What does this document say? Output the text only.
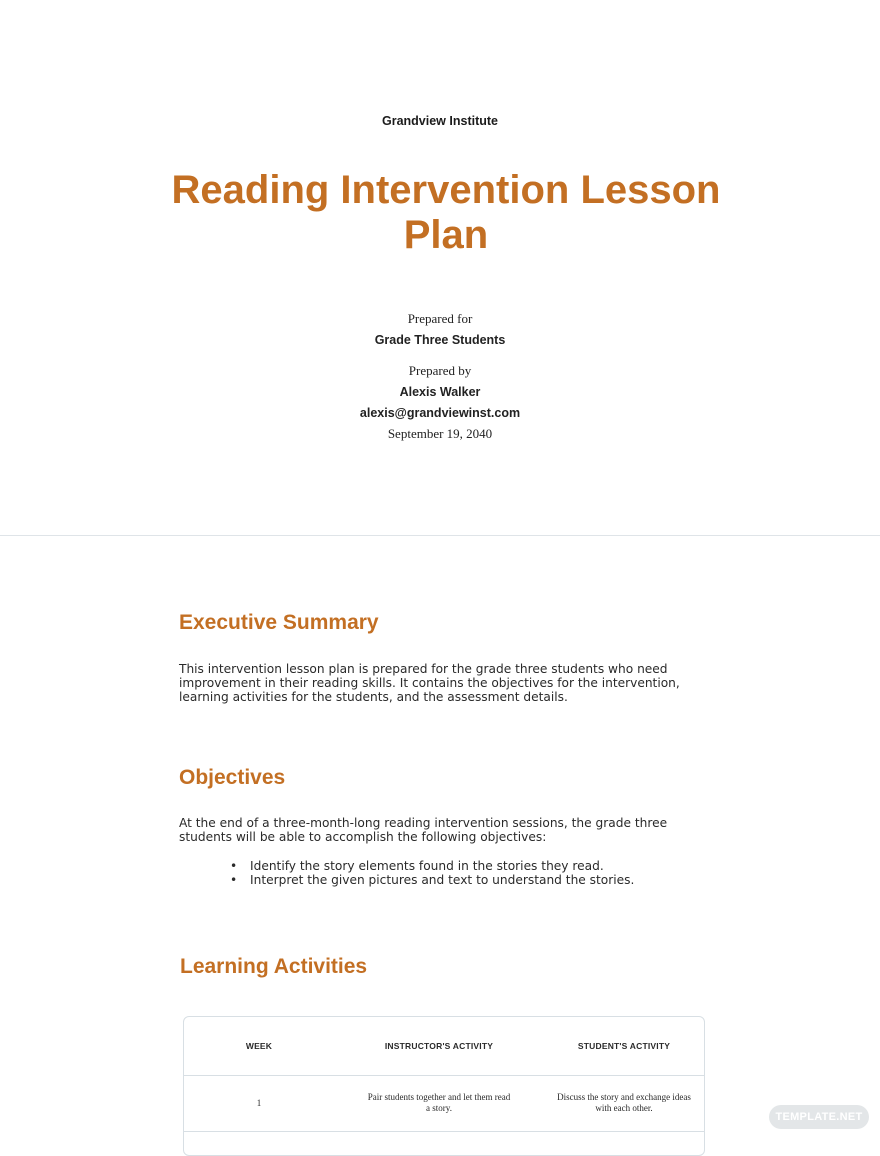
Grandview Institute
Reading Intervention Lesson Plan
Prepared for
Grade Three Students
Prepared by
Alexis Walker
alexis@grandviewinst.com
September 19, 2040
Executive Summary
This intervention lesson plan is prepared for the grade three students who need improvement in their reading skills. It contains the objectives for the intervention, learning activities for the students, and the assessment details.
Objectives
At the end of a three-month-long reading intervention sessions, the grade three students will be able to accomplish the following objectives:
• Identify the story elements found in the stories they read.
• Interpret the given pictures and text to understand the stories.
Learning Activities
WEEK	INSTRUCTOR'S ACTIVITY	STUDENT'S ACTIVITY
1
Pair students together and let them read a story.
Discuss the story and exchange ideas with each other.
TEMPLATE.NET
